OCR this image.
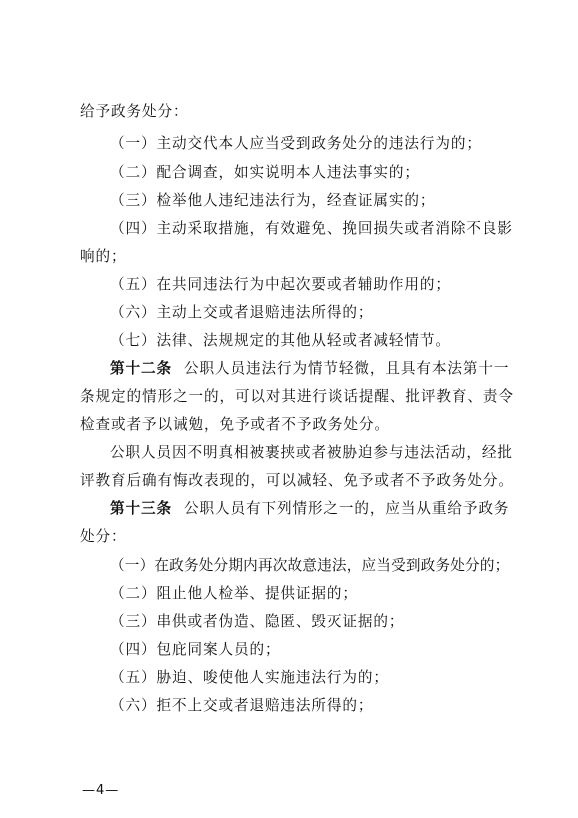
给予政务处分：
（一）主动交代本人应当受到政务处分的违法行为的；
（二）配合调查，如实说明本人违法事实的；
（三）检举他人违纪违法行为，经查证属实的；
（四）主动采取措施，有效避免、挽回损失或者消除不良影
响的；
（五）在共同违法行为中起次要或者辅助作用的；
（六）主动上交或者退赔违法所得的；
（七）法律、法规规定的其他从轻或者减轻情节。
第十二条 公职人员违法行为情节轻微，且具有本法第十一
条规定的情形之一的，可以对其进行谈话提醒、批评教育、责令
检查或者予以诫勉，免予或者不予政务处分。
公职人员因不明真相被裹挟或者被胁迫参与违法活动，经批
评教育后确有悔改表现的，可以减轻、免予或者不予政务处分。
第十三条 公职人员有下列情形之一的，应当从重给予政务
处分：
（一）在政务处分期内再次故意违法，应当受到政务处分的；
（二）阻止他人检举、提供证据的；
（三）串供或者伪造、隐匿、毁灭证据的；
（四）包庇同案人员的；
（五）胁迫、唆使他人实施违法行为的；
（六）拒不上交或者退赔违法所得的；
—4—
